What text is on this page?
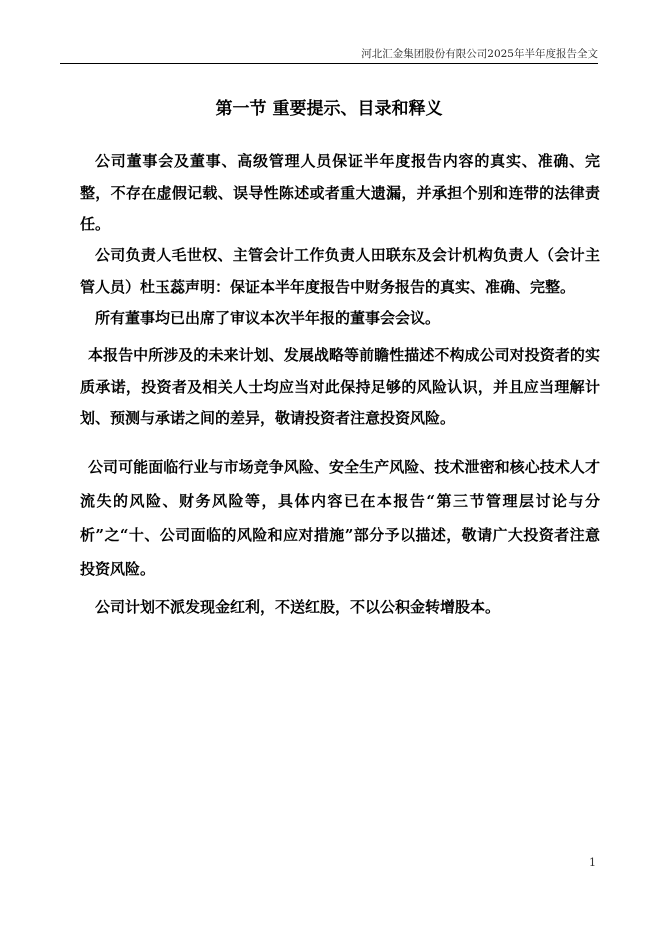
河北汇金集团股份有限公司2025年半年度报告全文
第一节 重要提示、目录和释义

公司董事会及董事、高级管理人员保证半年度报告内容的真实、准确、完整，不存在虚假记载、误导性陈述或者重大遗漏，并承担个别和连带的法律责任。

公司负责人毛世权、主管会计工作负责人田联东及会计机构负责人（会计主管人员）杜玉蕊声明：保证本半年度报告中财务报告的真实、准确、完整。

所有董事均已出席了审议本次半年报的董事会会议。

本报告中所涉及的未来计划、发展战略等前瞻性描述不构成公司对投资者的实质承诺，投资者及相关人士均应当对此保持足够的风险认识，并且应当理解计划、预测与承诺之间的差异，敬请投资者注意投资风险。

公司可能面临行业与市场竞争风险、安全生产风险、技术泄密和核心技术人才流失的风险、财务风险等，具体内容已在本报告“第三节管理层讨论与分析”之“十、公司面临的风险和应对措施”部分予以描述，敬请广大投资者注意投资风险。

公司计划不派发现金红利，不送红股，不以公积金转增股本。

1
